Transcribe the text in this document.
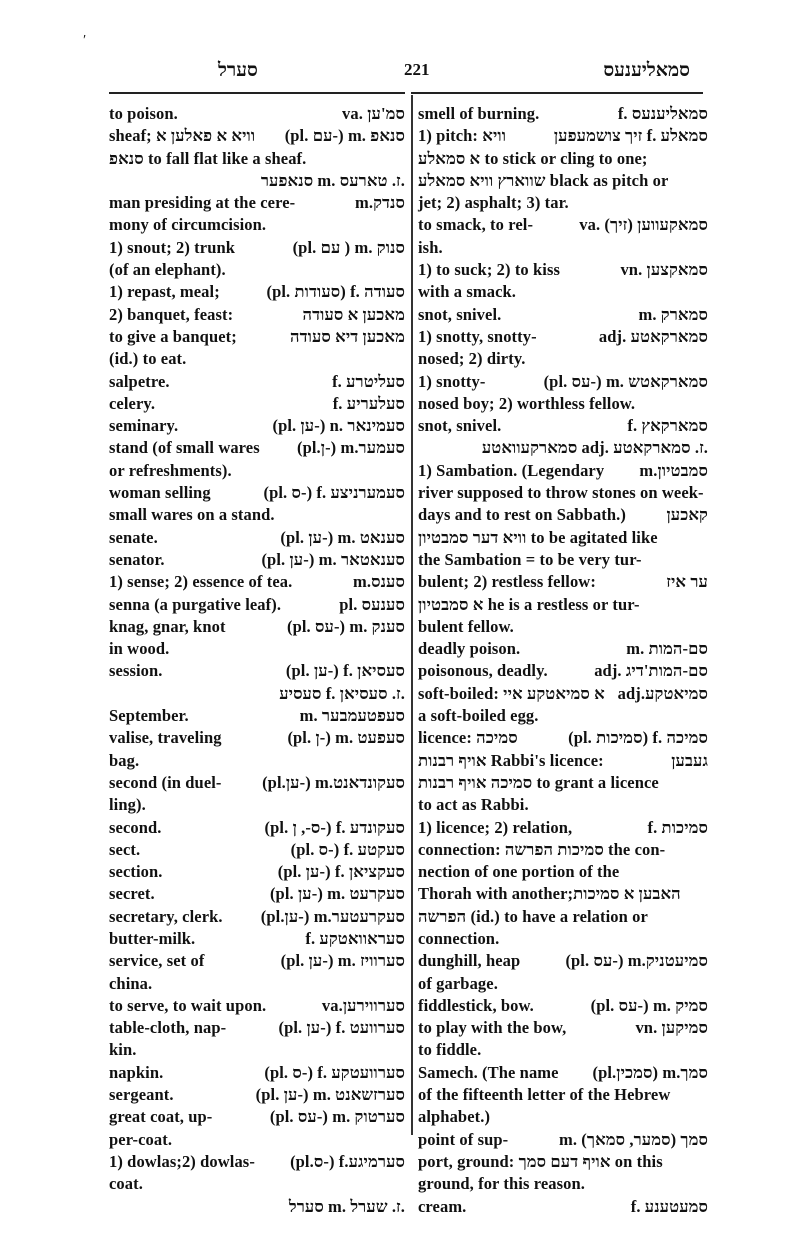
'
סערל	221	סמאליענעס
to poison.	va. סמ'ען
sheaf; וויא א פאלען א (pl. עם-) m. סנאפ
סנאפ to fall flat like a sheaf.
סנאפער m. ז. טארעס.
man presiding at the cere-	m.סנדק
mony of circumcision.
1) snout; 2) trunk	(pl. עם ) m. סנוק
(of an elephant).
1) repast, meal;	(pl. סעודות) f. סעודה
2) banquet, feast:	מאכען א סעודה
to give a banquet;	מאכען דיא סעודה
(id.) to eat.
salpetre.	f. סעליטרע
celery.	f. סעלעריע
seminary.	(pl. ען-) n. סעמינאר
stand (of small wares (pl.ן-) m.סעמער
or refreshments).
woman selling	(pl. ס-) f. סעמערניצע
small wares on a stand.
senate.	(pl. ען-) m. סענאט
senator.	(pl. ען-) m. סענאטאר
1) sense; 2) essence of tea.	m.סענס
senna (a purgative leaf).	pl. סענעס
knag, gnar, knot	(pl. עס-) m. סענק
in wood.
session.	(pl. ען-) f. סעסיאן
סעסיע f. ז. סעסיאן.
September.	m. סעפטעמבער
valise, traveling	(pl. ן-) m. סעפעט
bag.
second (in duel- (pl.ען-) m.סעקונדאנט
ling).
second.	(pl. ס-, ן-) f. סעקונדע
sect.	(pl. ס-) f. סעקטע
section.	(pl. ען-) f. סעקציאן
secret.	(pl. ען-) m. סעקרעט
secretary, clerk. (pl.ען-) m.סעקרעטער
butter-milk.	f. סעראוואטקע
service, set of	(pl. ען-) m. סערוויז
china.
to serve, to wait upon.	va.סערווירען
table-cloth, nap-	(pl. ען-) f. סערוועט
kin.
napkin.	(pl. ס-) f. סערוועטקע
sergeant.	(pl. ען-) m. סערזשאנט
great coat, up-	(pl. עס-) m. סערטוק
per-coat.
1) dowlas;2) dowlas- (pl.ס-) f.סערמיגע
coat.
סערל m. ז. שערל.
smell of burning.	f. סמאליענעס
1) pitch: וויא	זיך צושמעפען f. סמאלע
א סמאלע to stick or cling to one;
שווארץ וויא סמאלע black as pitch or
jet; 2) asphalt; 3) tar.
to smack, to rel-	va. (זיך) סמאקעווען
ish.
1) to suck; 2) to kiss	vn. סמאקצען
with a smack.
snot, snivel.	m. סמארק
1) snotty, snotty-	adj. סמארקאטע
nosed; 2) dirty.
1) snotty-	(pl. עס-) m. סמארקאטש
nosed boy; 2) worthless fellow.
snot, snivel.	f. סמארקאץ
סמארקעוואטע adj. ז. סמארקאטע.
1) Sambation. (Legendary m.סמבטיון
river supposed to throw stones on week-
days and to rest on Sabbath.) קאכען
וויא דער סמבטיון to be agitated like
the Sambation = to be very tur-
bulent; 2) restless fellow:	ער איז
א סמבטיון he is a restless or tur-
bulent fellow.
deadly poison.	m. סם-המות
poisonous, deadly.	adj. סם-המות'דיג
soft-boiled: א סמיאטקע איי adj.סמיאטקע
a soft-boiled egg.
licence: סמיכה	(pl. סמיכות) f. סמיכה
אויף רבנות Rabbi's licence:	געבען
סמיכה אויף רבנות to grant a licence
to act as Rabbi.
1) licence; 2) relation,	f. סמיכות
connection: סמיכות הפרשה the con-
nection of one portion of the
Thorah with another;האבען א סמיכות
הפרשה (id.) to have a relation or
connection.
dunghill, heap	(pl. עס-) m.סמיעטניק
of garbage.
fiddlestick, bow.	(pl. עס-) m. סמיק
to play with the bow,	vn. סמיקען
to fiddle.
Samech. (The name (pl.סמכין) m.סמך
of the fifteenth letter of the Hebrew
alphabet.)
point of sup-	m. (סמער, סמאך) סמך
port, ground: אויף דעם סמך on this
ground, for this reason.
cream.	f. סמעטענע
